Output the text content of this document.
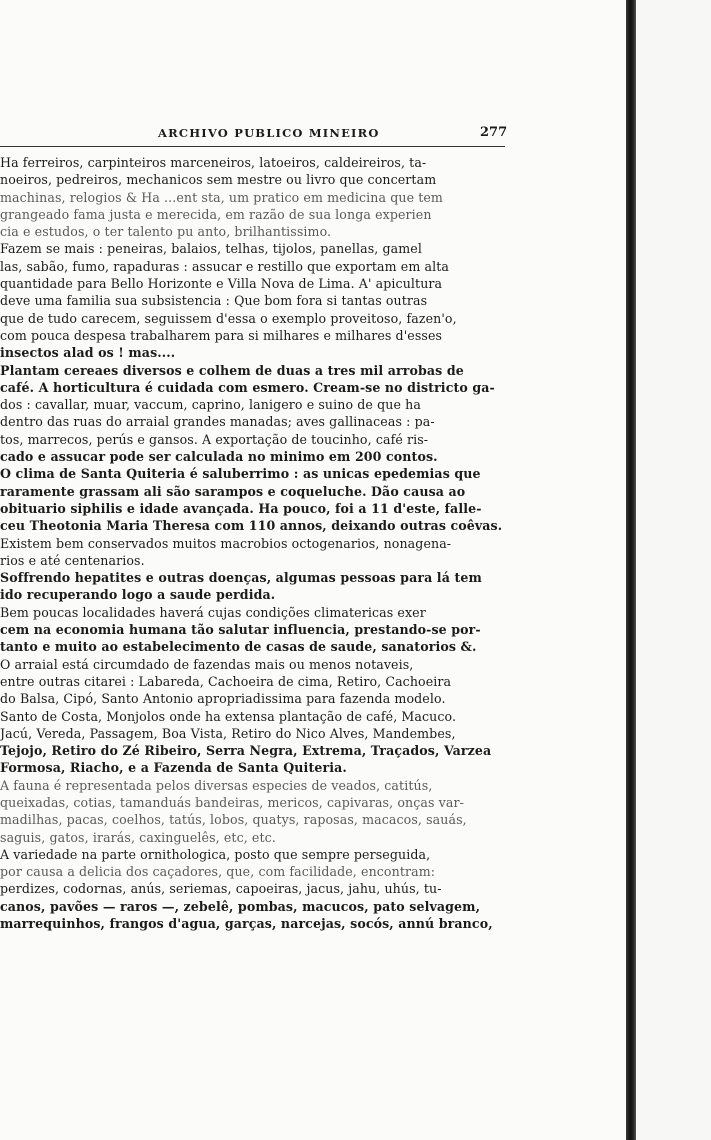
ARCHIVO PUBLICO MINEIRO	277
Ha ferreiros, carpinteiros marceneiros, latoeiros, caldeireiros, ta-
noeiros, pedreiros, mechanicos sem mestre ou livro que concertam
machinas, relogios & Ha ...ent sta, um pratico em medicina que tem
grangeado fama justa e merecida, em razão de sua longa experien
cia e estudos, o ter talento pu anto, brilhantissimo.
Fazem se mais : peneiras, balaios, telhas, tijolos, panellas, gamel
las, sabão, fumo, rapaduras : assucar e restillo que exportam em alta
quantidade para Bello Horizonte e Villa Nova de Lima. A' apicultura
deve uma familia sua subsistencia : Que bom fora si tantas outras
que de tudo carecem, seguissem d'essa o exemplo proveitoso, fazen'o,
com pouca despesa trabalharem para si milhares e milhares d'esses
insectos alad os ! mas....
Plantam cereaes diversos e colhem de duas a tres mil arrobas de
café. A horticultura é cuidada com esmero. Cream-se no districto ga-
dos : cavallar, muar, vaccum, caprino, lanigero e suino de que ha
dentro das ruas do arraial grandes manadas; aves gallinaceas : pa-
tos, marrecos, perús e gansos. A exportação de toucinho, café ris-
cado e assucar pode ser calculada no minimo em 200 contos.
O clima de Santa Quiteria é saluberrimo : as unicas epedemias que
raramente grassam ali são sarampos e coqueluche. Dão causa ao
obituario siphilis e idade avançada. Ha pouco, foi a 11 d'este, falle-
ceu Theotonia Maria Theresa com 110 annos, deixando outras coêvas.
Existem bem conservados muitos macrobios octogenarios, nonagena-
rios e até centenarios.
Soffrendo hepatites e outras doenças, algumas pessoas para lá tem
ido recuperando logo a saude perdida.
Bem poucas localidades haverá cujas condições climatericas exer
cem na economia humana tão salutar influencia, prestando-se por-
tanto e muito ao estabelecimento de casas de saude, sanatorios &.
O arraial está circumdado de fazendas mais ou menos notaveis,
entre outras citarei : Labareda, Cachoeira de cima, Retiro, Cachoeira
do Balsa, Cipó, Santo Antonio apropriadissima para fazenda modelo.
Santo de Costa, Monjolos onde ha extensa plantação de café, Macuco.
Jacú, Vereda, Passagem, Boa Vista, Retiro do Nico Alves, Mandembes,
Tejojo, Retiro do Zé Ribeiro, Serra Negra, Extrema, Traçados, Varzea
Formosa, Riacho, e a Fazenda de Santa Quiteria.
A fauna é representada pelos diversas especies de veados, catitús,
queixadas, cotias, tamanduás bandeiras, mericos, capivaras, onças var-
madilhas, pacas, coelhos, tatús, lobos, quatys, raposas, macacos, sauás,
saguis, gatos, irarás, caxinguelês, etc, etc.
A variedade na parte ornithologica, posto que sempre perseguida,
por causa a delicia dos caçadores, que, com facilidade, encontram:
perdizes, codornas, anús, seriemas, capoeiras, jacus, jahu, uhús, tu-
canos, pavões — raros —, zebelê, pombas, macucos, pato selvagem,
marrequinhos, frangos d'agua, garças, narcejas, socós, annú branco,
